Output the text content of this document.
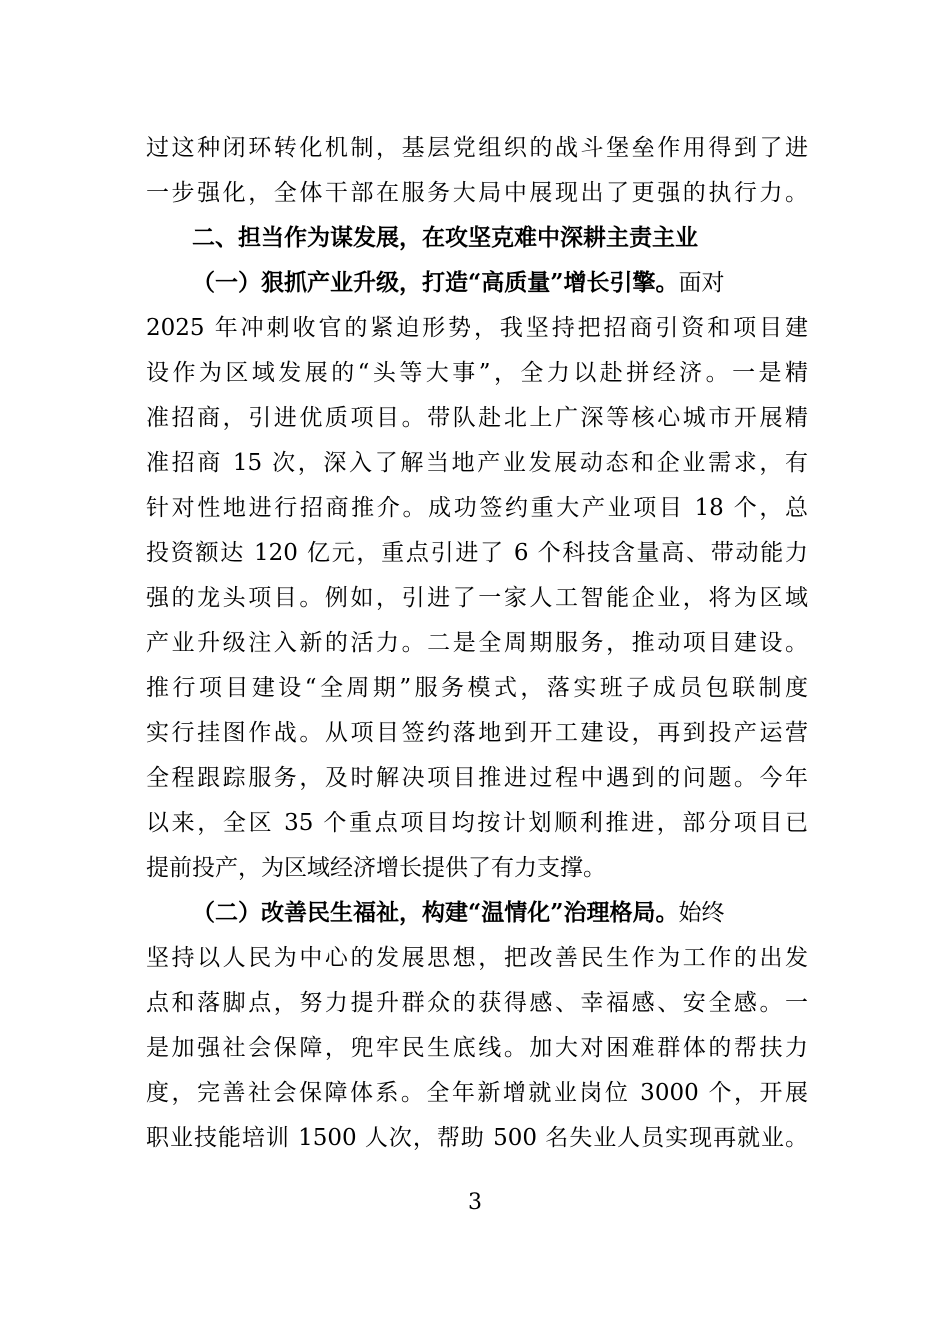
过这种闭环转化机制，基层党组织的战斗堡垒作用得到了进
一步强化，全体干部在服务大局中展现出了更强的执行力。
二、担当作为谋发展，在攻坚克难中深耕主责主业
（一）狠抓产业升级，打造“高质量”增长引擎。面对
2025 年冲刺收官的紧迫形势，我坚持把招商引资和项目建
设作为区域发展的“头等大事”，全力以赴拼经济。一是精
准招商，引进优质项目。带队赴北上广深等核心城市开展精
准招商 15 次，深入了解当地产业发展动态和企业需求，有
针对性地进行招商推介。成功签约重大产业项目 18 个，总
投资额达 120 亿元，重点引进了 6 个科技含量高、带动能力
强的龙头项目。例如，引进了一家人工智能企业，将为区域
产业升级注入新的活力。二是全周期服务，推动项目建设。
推行项目建设“全周期”服务模式，落实班子成员包联制度
实行挂图作战。从项目签约落地到开工建设，再到投产运营
全程跟踪服务，及时解决项目推进过程中遇到的问题。今年
以来，全区 35 个重点项目均按计划顺利推进，部分项目已
提前投产，为区域经济增长提供了有力支撑。
（二）改善民生福祉，构建“温情化”治理格局。始终
坚持以人民为中心的发展思想，把改善民生作为工作的出发
点和落脚点，努力提升群众的获得感、幸福感、安全感。一
是加强社会保障，兜牢民生底线。加大对困难群体的帮扶力
度，完善社会保障体系。全年新增就业岗位 3000 个，开展
职业技能培训 1500 人次，帮助 500 名失业人员实现再就业。
3
